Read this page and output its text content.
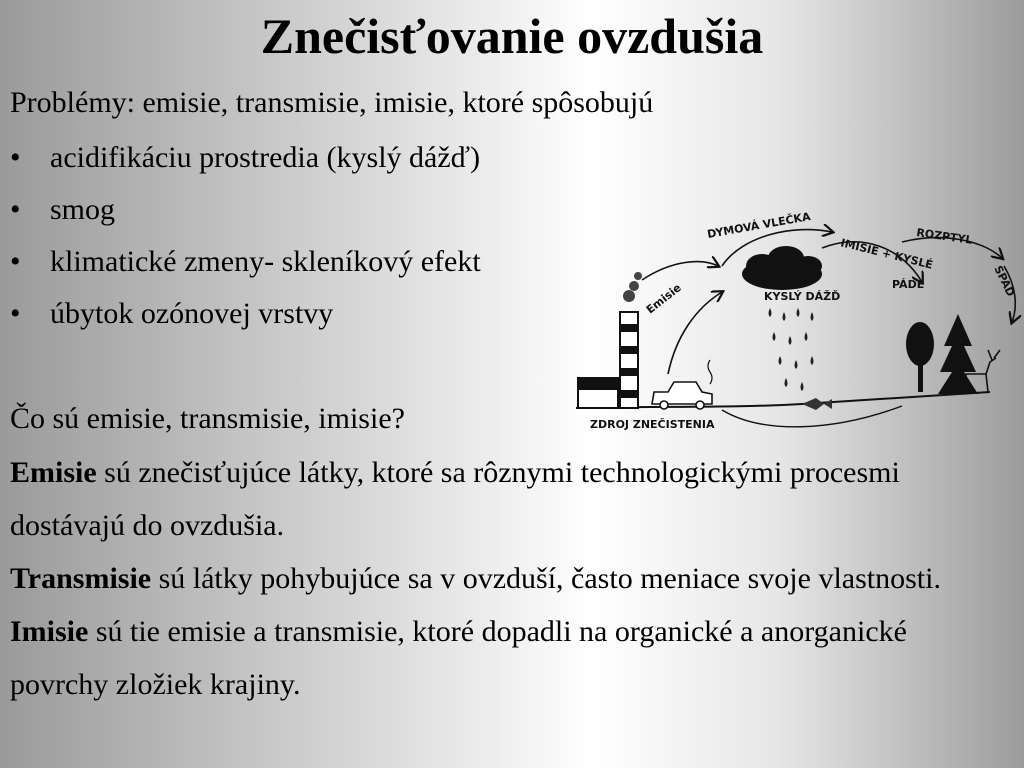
Znečisťovanie ovzdušia

Problémy: emisie, transmisie, imisie, ktoré spôsobujú

• acidifikáciu prostredia (kyslý dážď)
• smog
• klimatické zmeny- skleníkový efekt
• úbytok ozónovej vrstvy

Čo sú emisie, transmisie, imisie?

Emisie sú znečisťujúce látky, ktoré sa rôznymi technologickými procesmi dostávajú do ovzdušia.

Transmisie sú látky pohybujúce sa v ovzduší, často meniace svoje vlastnosti.

Imisie sú tie emisie a transmisie, ktoré dopadli na organické a anorganické povrchy zložiek krajiny.

Emisie
DYMOVÁ VLEČKA
KYSLÝ DÁŽĎ
IMISIE + KYSLÉ
PÁDE
ROZPTYL
SPAD
ZDROJ ZNEČISTENIA
